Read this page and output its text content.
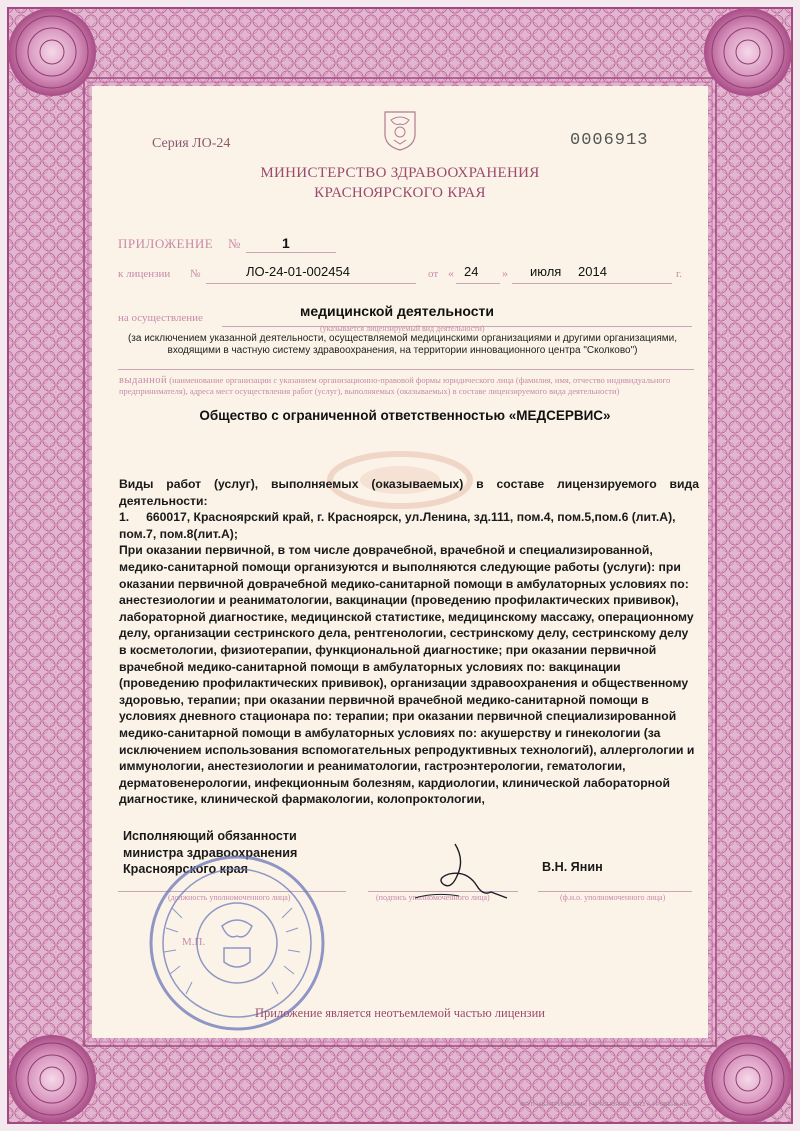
Серия ЛО-24	0006913
МИНИСТЕРСТВО ЗДРАВООХРАНЕНИЯ
КРАСНОЯРСКОГО КРАЯ
ПРИЛОЖЕНИЕ №	1
к лицензии №	ЛО-24-01-002454	от « 24 » июля 2014	г.
на осуществление	медицинской деятельности
(указывается лицензируемый вид деятельности)
(за исключением указанной деятельности, осуществляемой медицинскими организациями и другими организациями, входящими в частную систему здравоохранения, на территории инновационного центра "Сколково")
выданной (наименование организации с указанием организационно-правовой формы юридического лица (фамилия, имя, отчество индивидуального предпринимателя), адреса мест осуществления работ (услуг), выполняемых (оказываемых) в составе лицензируемого вида деятельности)
Общество с ограниченной ответственностью «МЕДСЕРВИС»

Виды работ (услуг), выполняемых (оказываемых) в составе лицензируемого вида деятельности:

1.     660017, Красноярский край, г. Красноярск, ул.Ленина, зд.111, пом.4, пом.5,пом.6 (лит.А), пом.7, пом.8(лит.А);

При оказании первичной, в том числе доврачебной, врачебной и специализированной, медико-санитарной помощи организуются и выполняются следующие работы (услуги): при оказании первичной доврачебной медико-санитарной помощи в амбулаторных условиях по: анестезиологии и реаниматологии, вакцинации (проведению профилактических прививок), лабораторной диагностике, медицинской статистике, медицинскому массажу, операционному делу, организации сестринского дела, рентгенологии, сестринскому делу, сестринскому делу в косметологии, физиотерапии, функциональной диагностике; при оказании первичной врачебной медико-санитарной помощи в амбулаторных условиях по: вакцинации (проведению профилактических прививок), организации здравоохранения и общественному здоровью, терапии; при оказании первичной врачебной медико-санитарной помощи в условиях дневного стационара по: терапии; при оказании первичной специализированной медико-санитарной помощи в амбулаторных условиях по: акушерству и гинекологии (за исключением использования вспомогательных репродуктивных технологий), аллергологии и иммунологии, анестезиологии и реаниматологии, гастроэнтерологии, гематологии, дерматовенерологии, инфекционным болезням, кардиологии, клинической лабораторной диагностике, клинической фармакологии, колопроктологии,

Исполняющий обязанности
министра здравоохранения
Красноярского края	В.Н. Янин
(должность уполномоченного лица)	(подпись уполномоченного лица)	(ф.и.о. уполномоченного лица)
М.П.
Приложение является неотъемлемой частью лицензии
ФГУП «ЦЕНТРИНФОРМ», г. КРАСНОЯРСК, 2013 г., УРОВЕНЬ «В»
